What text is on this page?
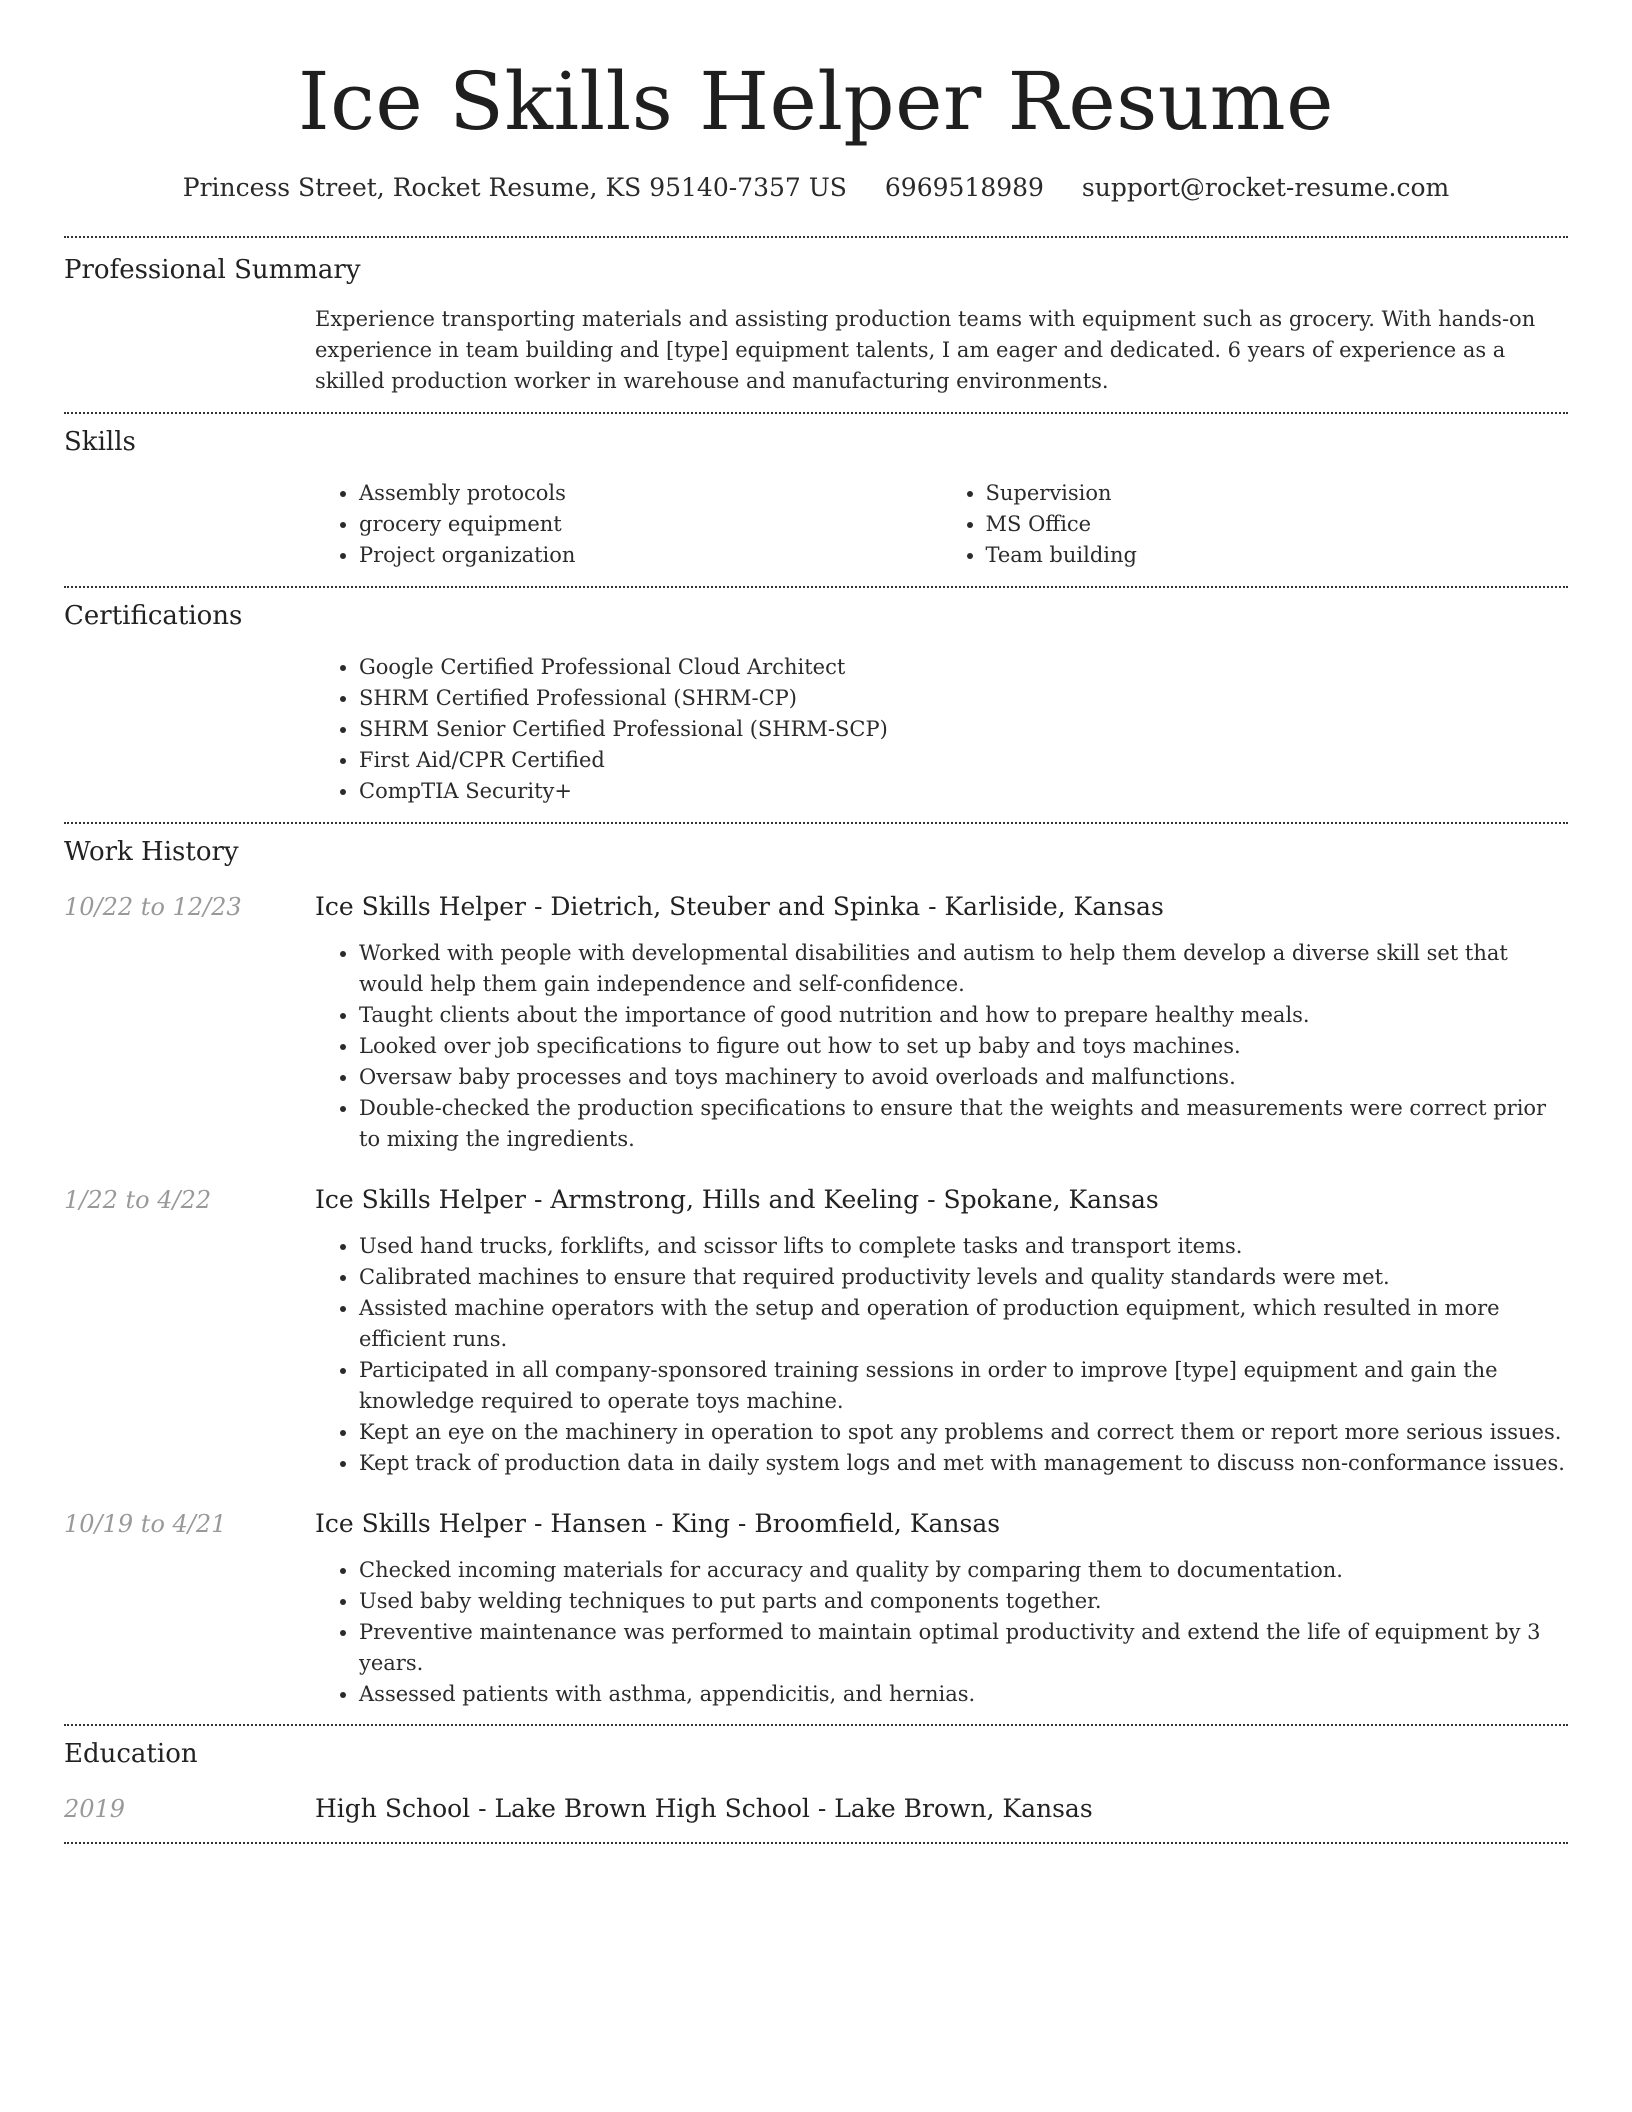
Ice Skills Helper Resume
Princess Street, Rocket Resume, KS 95140-7357 US 6969518989 support@rocket-resume.com
Professional Summary

Experience transporting materials and assisting production teams with equipment such as grocery. With hands-on experience in team building and [type] equipment talents, I am eager and dedicated. 6 years of experience as a skilled production worker in warehouse and manufacturing environments.

Skills
• Assembly protocols
• grocery equipment
• Project organization
• Supervision
• MS Office
• Team building
Certifications
• Google Certified Professional Cloud Architect
• SHRM Certified Professional (SHRM-CP)
• SHRM Senior Certified Professional (SHRM-SCP)
• First Aid/CPR Certified
• CompTIA Security+
Work History
10/22 to 12/23	Ice Skills Helper - Dietrich, Steuber and Spinka - Karliside, Kansas
• Worked with people with developmental disabilities and autism to help them develop a diverse skill set that would help them gain independence and self-confidence.
• Taught clients about the importance of good nutrition and how to prepare healthy meals.
• Looked over job specifications to figure out how to set up baby and toys machines.
• Oversaw baby processes and toys machinery to avoid overloads and malfunctions.
• Double-checked the production specifications to ensure that the weights and measurements were correct prior to mixing the ingredients.
1/22 to 4/22	Ice Skills Helper - Armstrong, Hills and Keeling - Spokane, Kansas
• Used hand trucks, forklifts, and scissor lifts to complete tasks and transport items.
• Calibrated machines to ensure that required productivity levels and quality standards were met.
• Assisted machine operators with the setup and operation of production equipment, which resulted in more efficient runs.
• Participated in all company-sponsored training sessions in order to improve [type] equipment and gain the knowledge required to operate toys machine.
• Kept an eye on the machinery in operation to spot any problems and correct them or report more serious issues.
• Kept track of production data in daily system logs and met with management to discuss non-conformance issues.
10/19 to 4/21	Ice Skills Helper - Hansen - King - Broomfield, Kansas
• Checked incoming materials for accuracy and quality by comparing them to documentation.
• Used baby welding techniques to put parts and components together.
• Preventive maintenance was performed to maintain optimal productivity and extend the life of equipment by 3 years.
• Assessed patients with asthma, appendicitis, and hernias.
Education
2019	High School - Lake Brown High School - Lake Brown, Kansas
